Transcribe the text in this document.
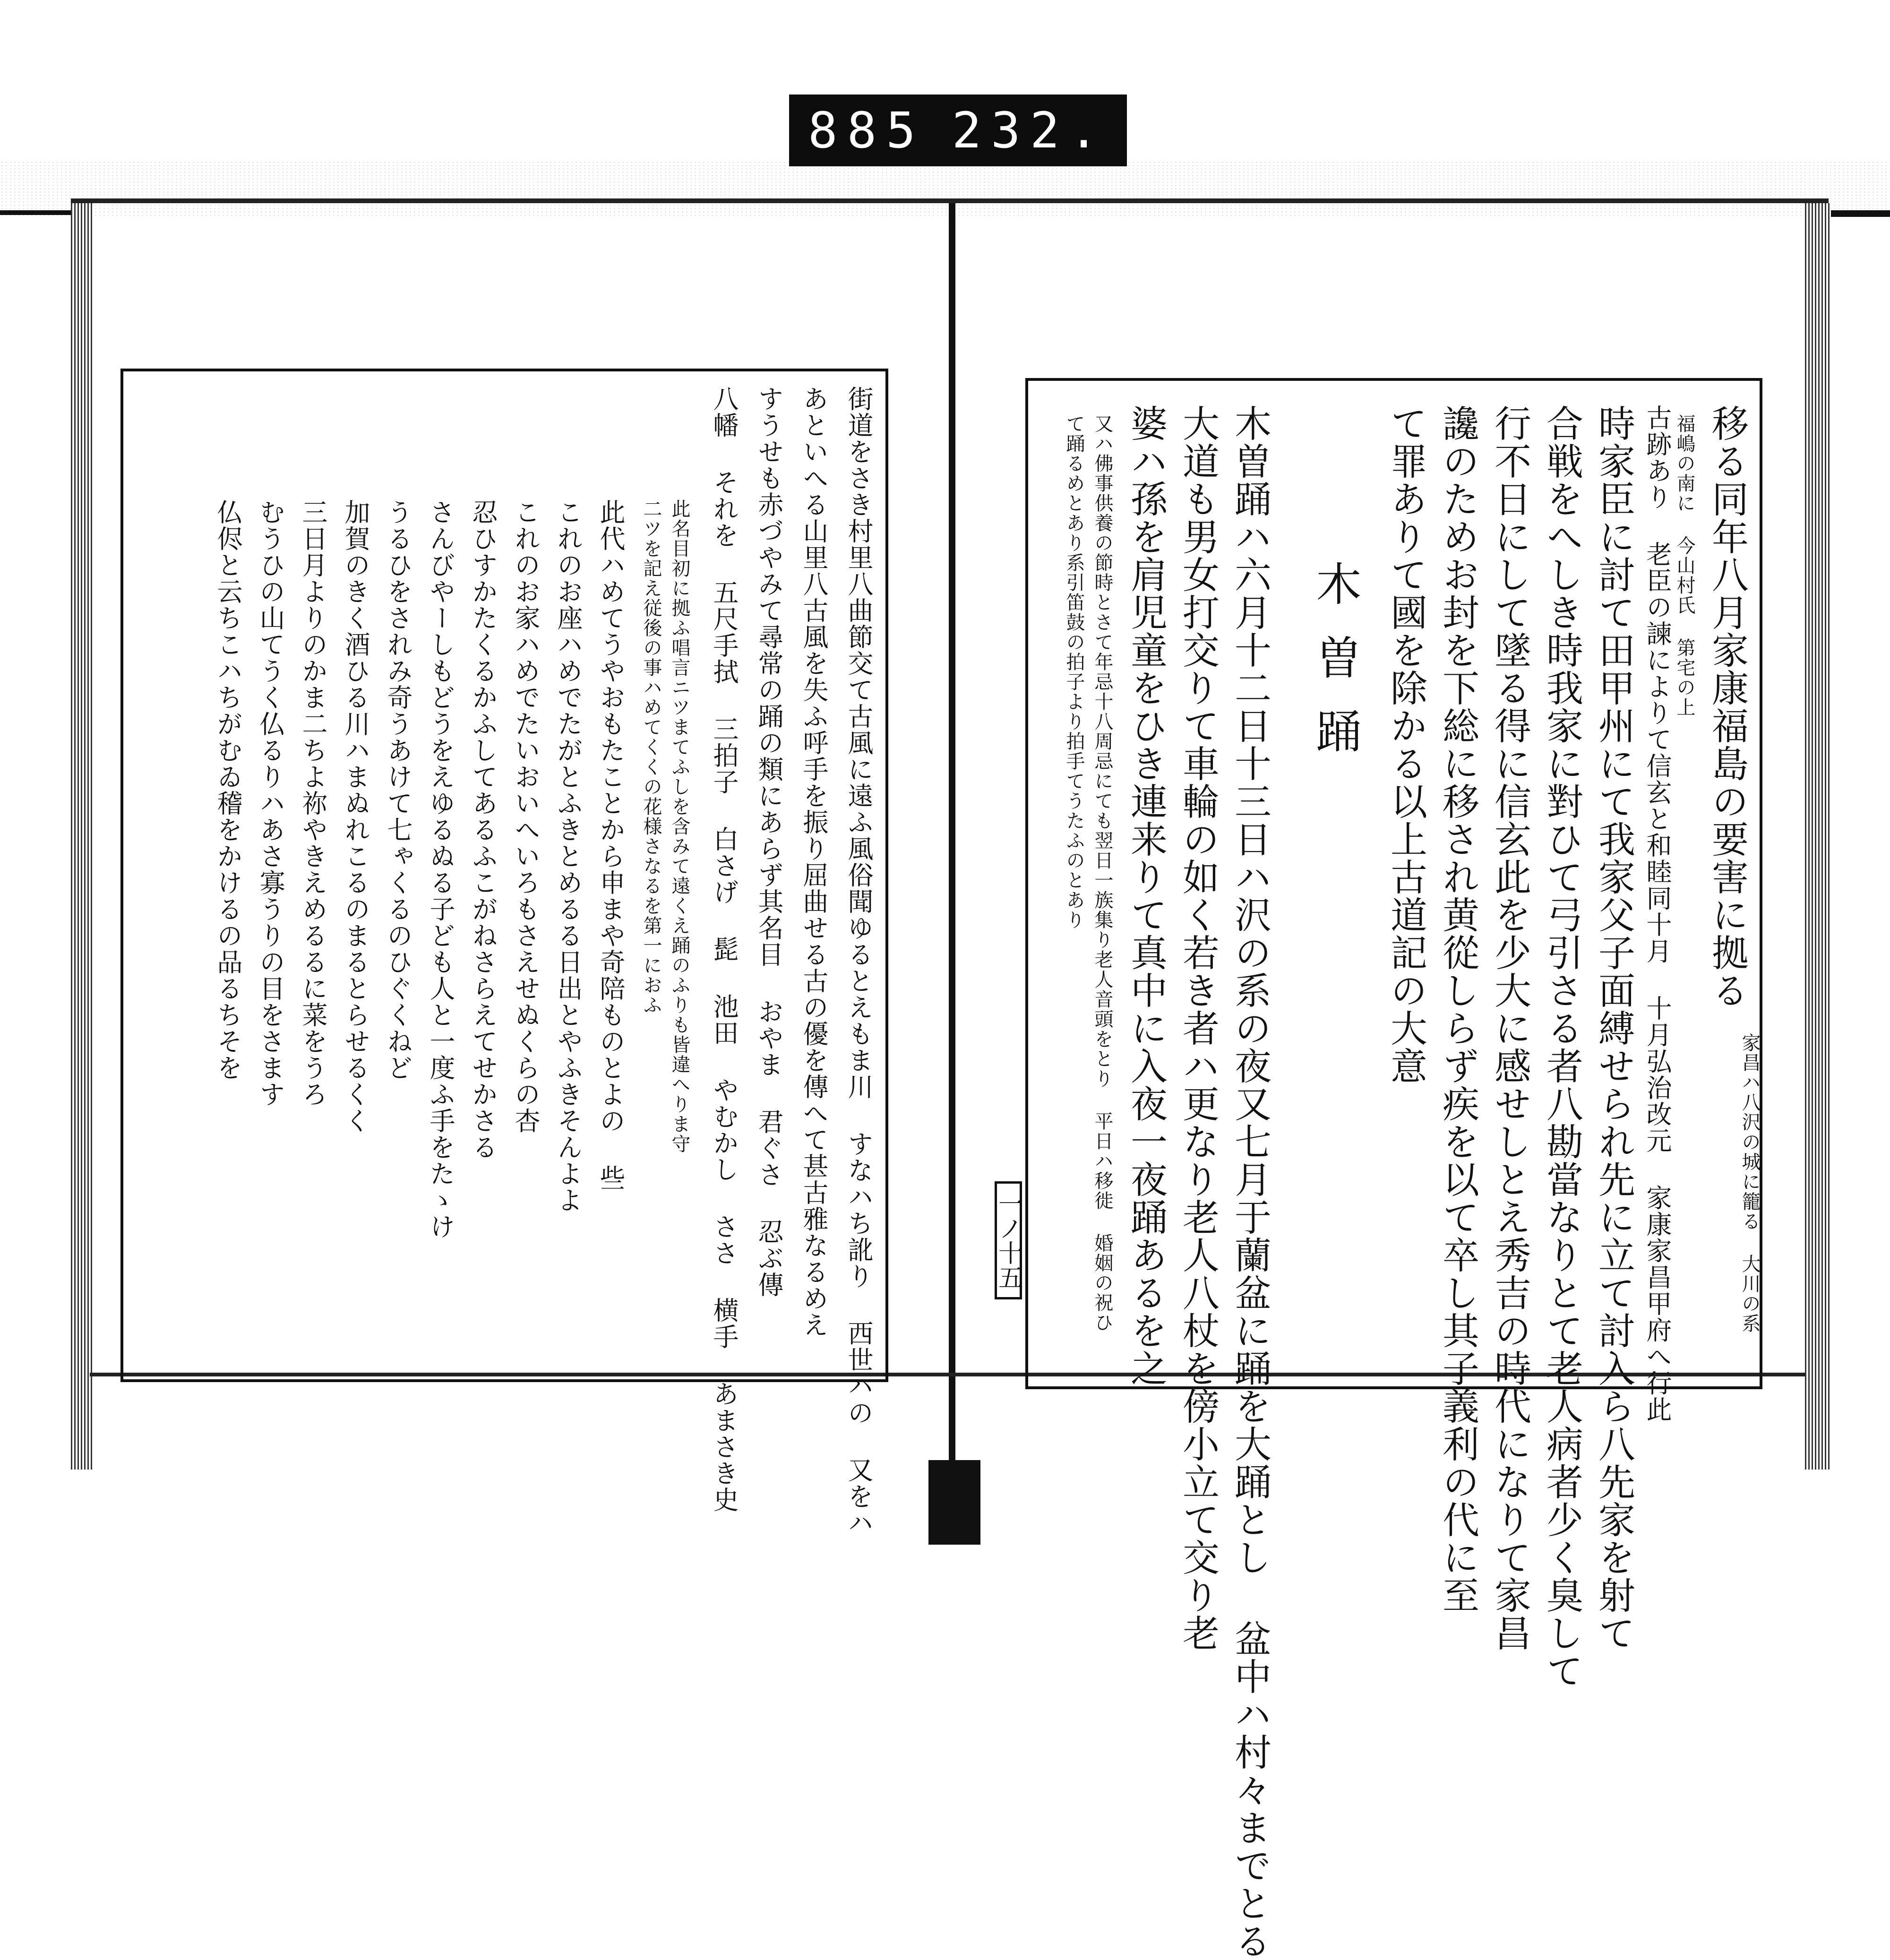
885 232.
移る同年八月家康福島の要害に拠る
福嶋の南に 今山村氏 第宅の上
古跡あり 老臣の諫によりて信玄と和睦同十月 十月弘治改元 家康家昌甲府へ行此
時家臣に討て田甲州にて我家父子面縛せられ先に立て討入ら八先家を射て
合戦をへしき時我家に對ひて弓引さる者八勘當なりとて老人病者少く臭して
行不日にして墜る得に信玄此を少大に感せしとえ秀吉の時代になりて家昌
讒のためお封を下総に移され黄從しらず疾を以て卒し其子義利の代に至
て罪ありて國を除かる以上古道記の大意
家昌ハ八沢の城に籠る 大川の系
木曽踊
木曽踊ハ六月十二日十三日ハ沢の系の夜又七月于蘭盆に踊を大踊とし 盆中ハ村々までとる
大道も男女打交りて車輪の如く若き者ハ更なり老人八杖を傍小立て交り老
婆ハ孫を肩児童をひき連来りて真中に入夜一夜踊あるを之
又ハ佛事供養の節時とさて年忌十八周忌にても翌日一族集り老人音頭をとり 平日ハ移徙 婚姻の祝ひ
て踊るめとあり系引笛鼓の拍子より拍手てうたふのとあり
一ノ十五
街道をさき村里八曲節交て古風に遠ふ風俗聞ゆるとえもま川 すなハち訛り 西世ハの 又をハ
あといへる山里八古風を失ふ呼手を振り屈曲せる古の優を傳へて甚古雅なるめえ
すうせも赤づやみて尋常の踊の類にあらず其名目 おやま 君ぐさ 忍ぶ傳
八幡 それを 五尺手拭 三拍子 白さげ 髭 池田 やむかし ささ 横手 あまさき史
此名目初に拠ふ唱言ニツまてふしを含みて遠くえ踊のふりも皆違へりま守
二ツを記え従後の事ハめてくくの花様さなるを第一におふ
此代ハめてうやおもたことから申まや奇陪ものとよの 些
これのお座ハめでたがとふきとめるる日出とやふきそんよよ
これのお家ハめでたいおいへいろもさえせぬくらの杏
忍ひすかたくるかふしてあるふこがねさらえてせかさる
さんびやーしもどうをえゆるぬる子ども人と一度ふ手をたゝけ
うるひをされみ奇うあけて七ゃくるのひぐくねど
加賀のきく酒ひる川ハまぬれこるのまるとらせるくく
三日月よりのかま二ちよ祢やきえめるるに菜をうろ
むうひの山てうく仏るりハあさ寡うりの目をさます
仏侭と云ちこハちがむゐ稽をかけるの品るちそを
